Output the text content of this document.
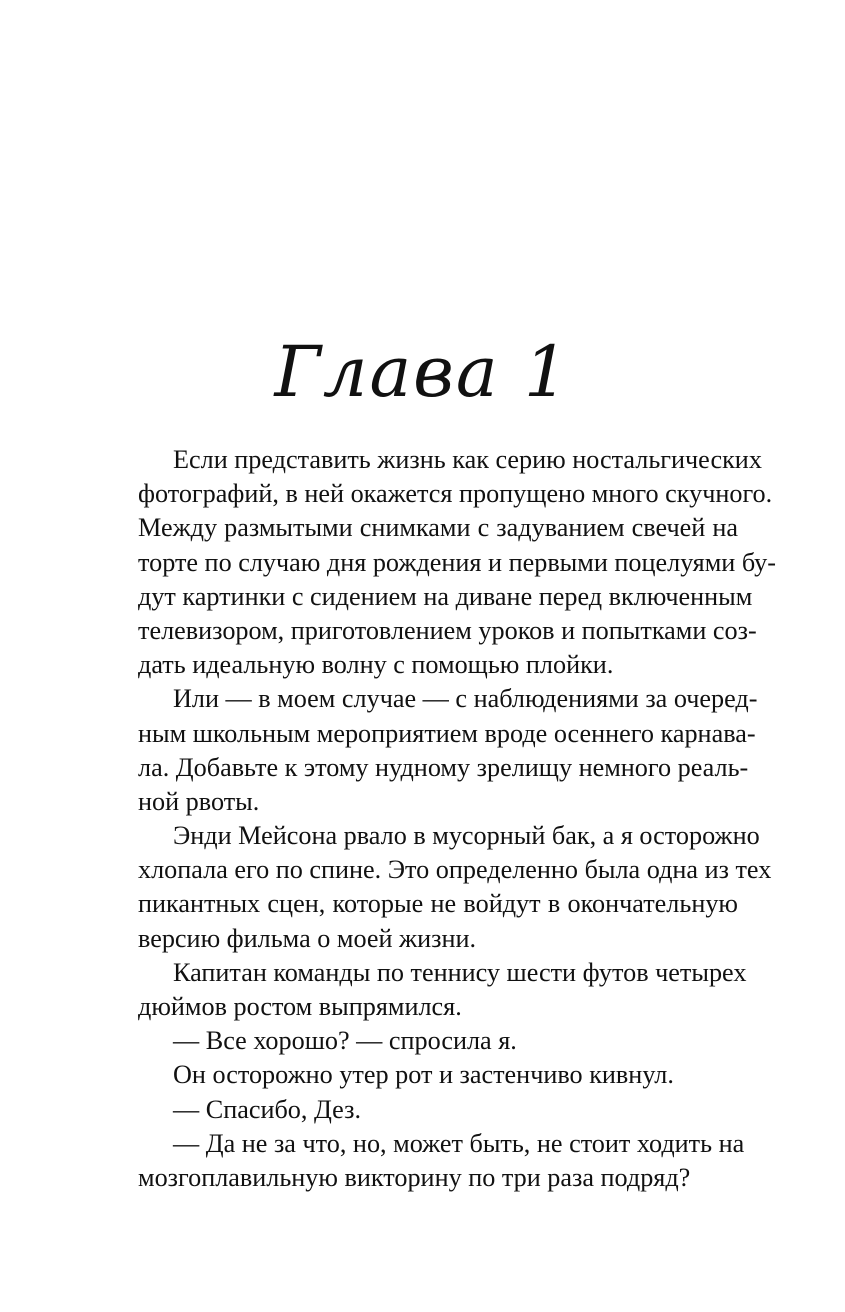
Глава 1
Если представить жизнь как серию ностальгических
фотографий, в ней окажется пропущено много скучного.
Между размытыми снимками с задуванием свечей на
торте по случаю дня рождения и первыми поцелуями бу-
дут картинки с сидением на диване перед включенным
телевизором, приготовлением уроков и попытками соз-
дать идеальную волну с помощью плойки.
Или — в моем случае — с наблюдениями за очеред-
ным школьным мероприятием вроде осеннего карнава-
ла. Добавьте к этому нудному зрелищу немного реаль-
ной рвоты.
Энди Мейсона рвало в мусорный бак, а я осторожно
хлопала его по спине. Это определенно была одна из тех
пикантных сцен, которые не войдут в окончательную
версию фильма о моей жизни.
Капитан команды по теннису шести футов четырех
дюймов ростом выпрямился.
— Все хорошо? — спросила я.
Он осторожно утер рот и застенчиво кивнул.
— Спасибо, Дез.
— Да не за что, но, может быть, не стоит ходить на
мозгоплавильную викторину по три раза подряд?
